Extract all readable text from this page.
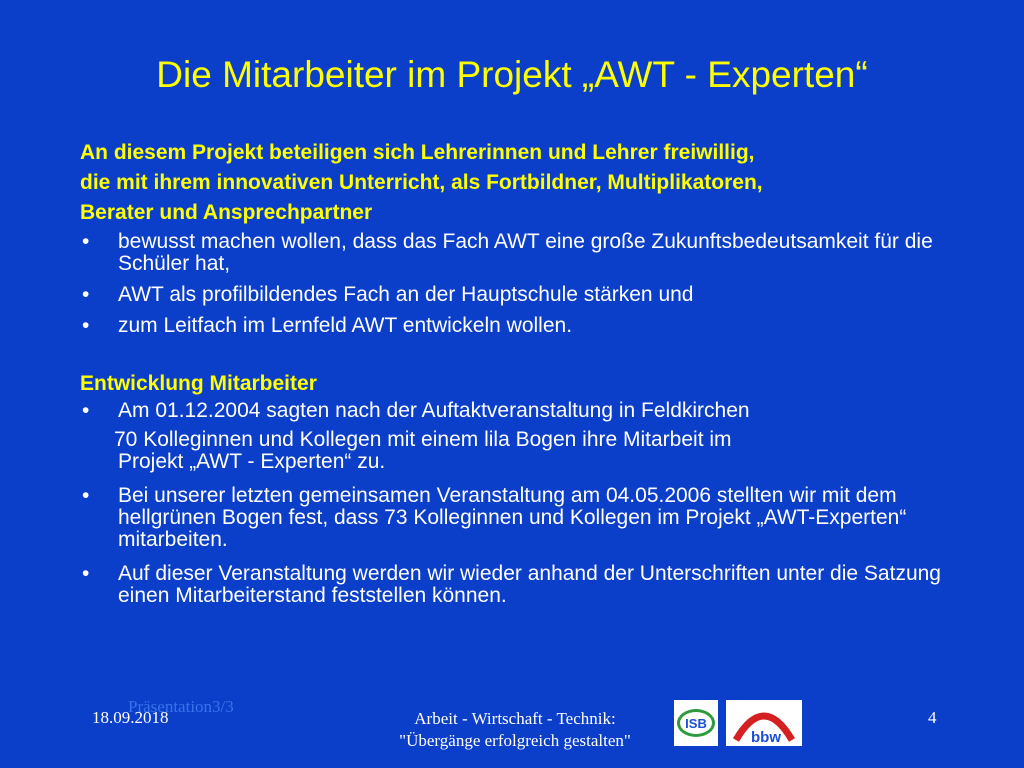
Die Mitarbeiter im Projekt „AWT - Experten“
An diesem Projekt beteiligen sich Lehrerinnen und Lehrer freiwillig,
die mit ihrem innovativen Unterricht, als Fortbildner, Multiplikatoren,
Berater und Ansprechpartner
• bewusst machen wollen, dass das Fach AWT eine große Zukunftsbedeutsamkeit für die Schüler hat,
• AWT als profilbildendes Fach an der Hauptschule stärken und
• zum Leitfach im Lernfeld AWT entwickeln wollen.
Entwicklung Mitarbeiter
• Am 01.12.2004 sagten nach der Auftaktveranstaltung in Feldkirchen
70 Kolleginnen und Kollegen mit einem lila Bogen ihre Mitarbeit im
Projekt „AWT - Experten“ zu.
• Bei unserer letzten gemeinsamen Veranstaltung am 04.05.2006 stellten wir mit dem hellgrünen Bogen fest, dass 73 Kolleginnen und Kollegen im Projekt „AWT-Experten“ mitarbeiten.
• Auf dieser Veranstaltung werden wir wieder anhand der Unterschriften unter die Satzung einen Mitarbeiterstand feststellen können.
18.09.2018
Präsentation3/3
Arbeit - Wirtschaft - Technik:
"Übergänge erfolgreich gestalten"
ISB
bbw
4
